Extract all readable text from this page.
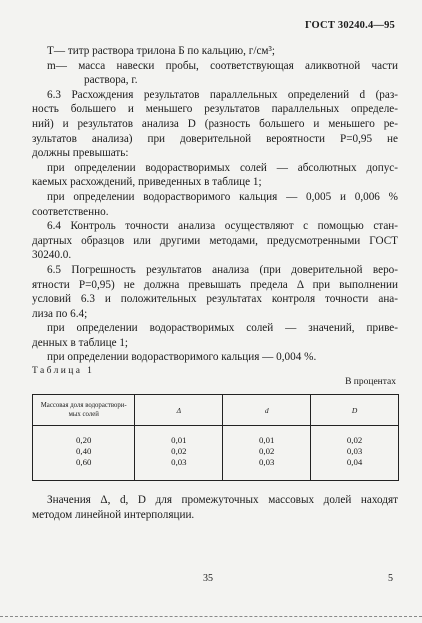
ГОСТ 30240.4—95
T— титр раствора трилона Б по кальцию, г/см³;
m— масса навески пробы, соответствующая аликвотной части
раствора, г.
6.3 Расхождения результатов параллельных определений d (раз-
ность большего и меньшего результатов параллельных определе-
ний) и результатов анализа D (разность большего и меньшего ре-
зультатов анализа) при доверительной вероятности P=0,95 не
должны превышать:
при определении водорастворимых солей — абсолютных допус-
каемых расхождений, приведенных в таблице 1;
при определении водорастворимого кальция — 0,005 и 0,006 %
соответственно.
6.4 Контроль точности анализа осуществляют с помощью стан-
дартных образцов или другими методами, предусмотренными ГОСТ
30240.0.
6.5 Погрешность результатов анализа (при доверительной веро-
ятности P=0,95) не должна превышать предела Δ при выполнении
условий 6.3 и положительных результатах контроля точности ана-
лиза по 6.4;
при определении водорастворимых солей — значений, приве-
денных в таблице 1;
при определении водорастворимого кальция — 0,004 %.
Таблица 1
В процентах
Массовая доля водораствори-мых солей	Δ	d	D
0,20	0,01	0,01	0,02
0,40	0,02	0,02	0,03
0,60	0,03	0,03	0,04
Значения Δ, d, D для промежуточных массовых долей находят
методом линейной интерполяции.
35	5
